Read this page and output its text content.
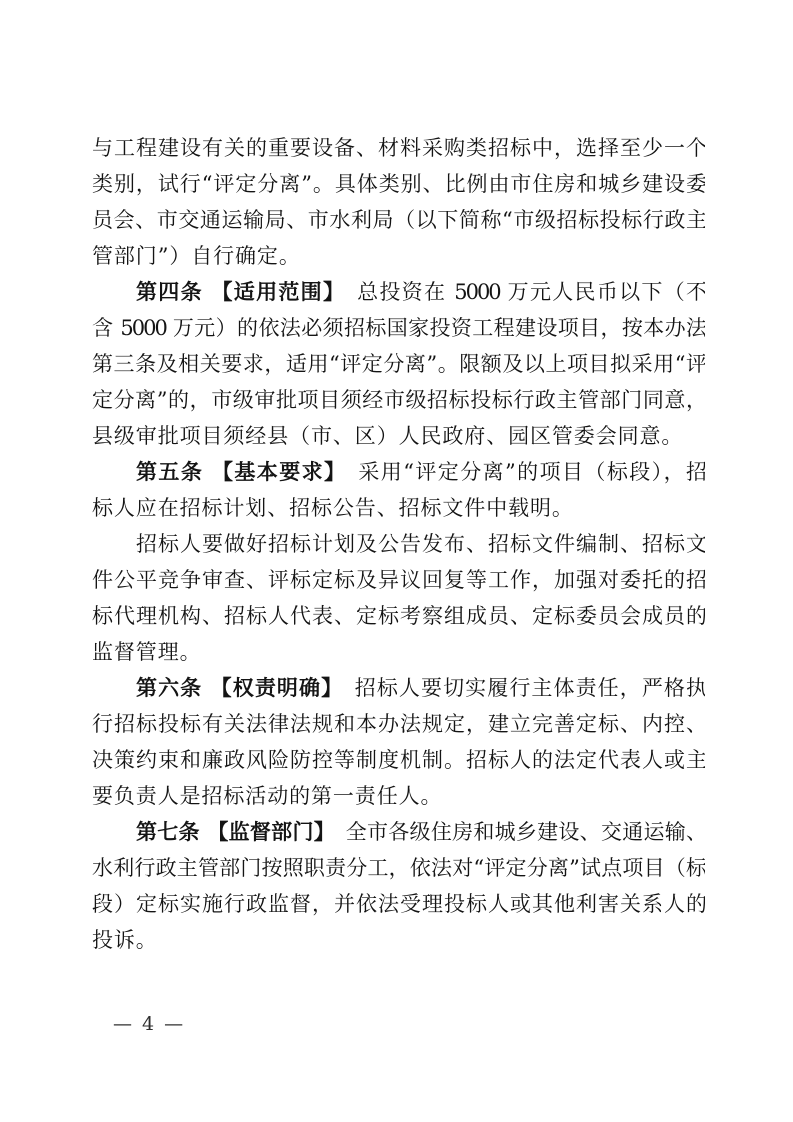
与工程建设有关的重要设备、材料采购类招标中，选择至少一个
类别，试行“评定分离”。具体类别、比例由市住房和城乡建设委
员会、市交通运输局、市水利局（以下简称“市级招标投标行政主
管部门”）自行确定。
第四条 【适用范围】　总投资在 5000 万元人民币以下（不
含 5000 万元）的依法必须招标国家投资工程建设项目，按本办法
第三条及相关要求，适用“评定分离”。限额及以上项目拟采用“评
定分离”的，市级审批项目须经市级招标投标行政主管部门同意，
县级审批项目须经县（市、区）人民政府、园区管委会同意。
第五条 【基本要求】　采用“评定分离”的项目（标段），招
标人应在招标计划、招标公告、招标文件中载明。
招标人要做好招标计划及公告发布、招标文件编制、招标文
件公平竞争审查、评标定标及异议回复等工作，加强对委托的招
标代理机构、招标人代表、定标考察组成员、定标委员会成员的
监督管理。
第六条 【权责明确】　招标人要切实履行主体责任，严格执
行招标投标有关法律法规和本办法规定，建立完善定标、内控、
决策约束和廉政风险防控等制度机制。招标人的法定代表人或主
要负责人是招标活动的第一责任人。
第七条 【监督部门】　全市各级住房和城乡建设、交通运输、
水利行政主管部门按照职责分工，依法对“评定分离”试点项目（标
段）定标实施行政监督，并依法受理投标人或其他利害关系人的
投诉。
— 4 —
